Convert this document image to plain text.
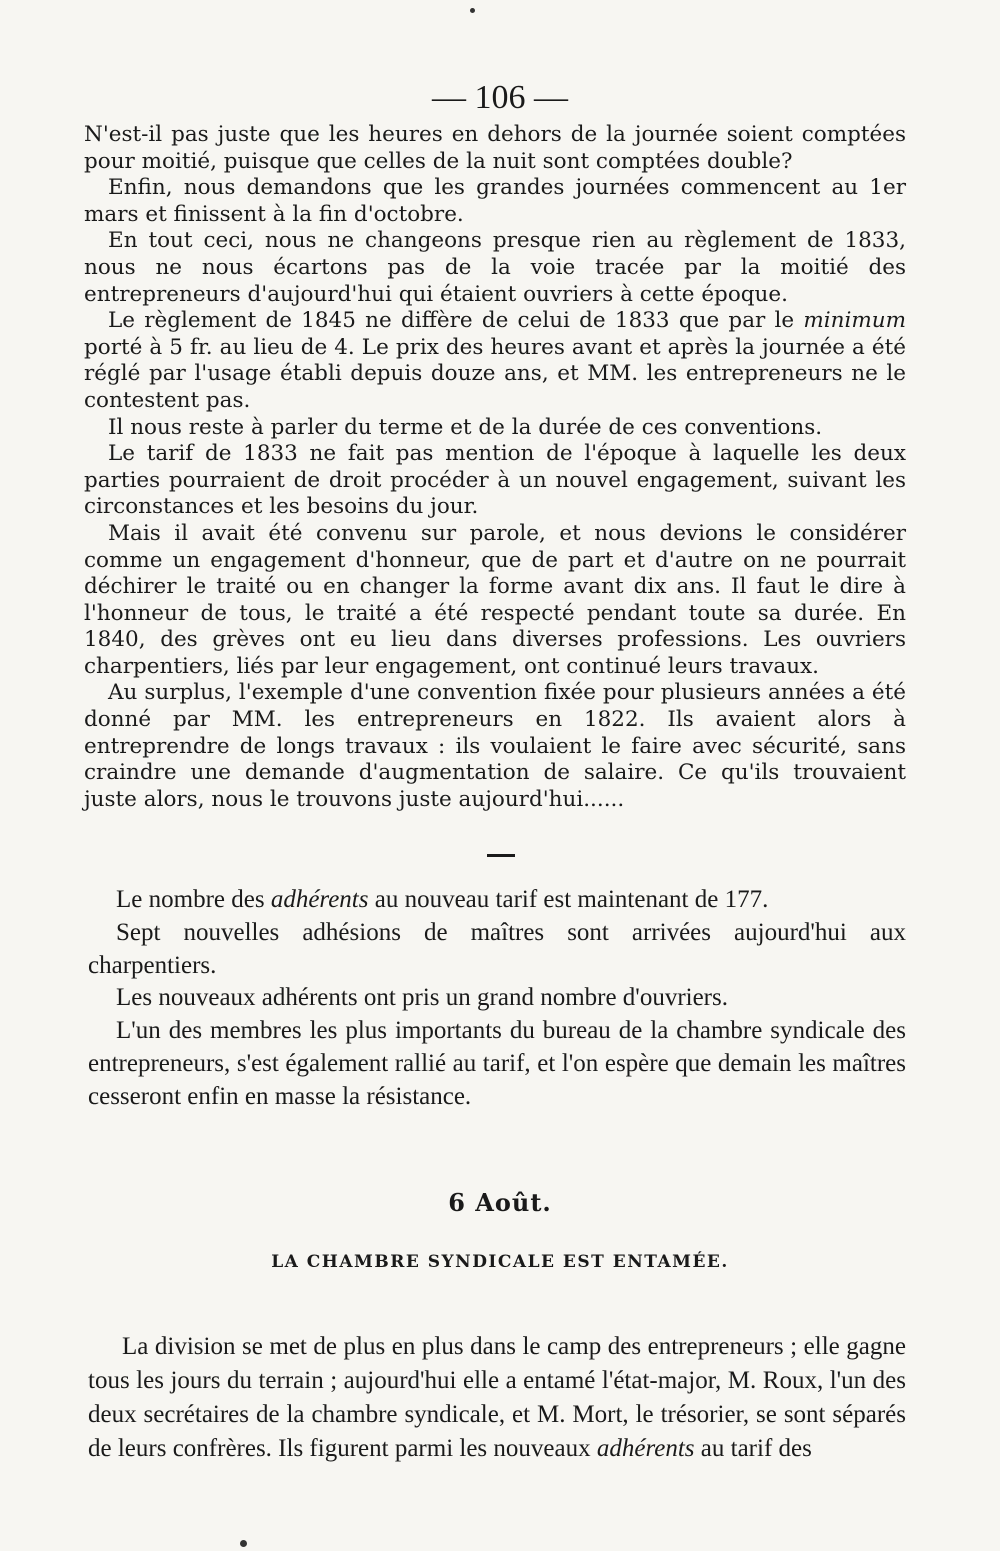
— 106 —

N'est-il pas juste que les heures en dehors de la journée soient comptées pour moitié, puisque que celles de la nuit sont comptées double?

Enfin, nous demandons que les grandes journées commencent au 1er mars et finissent à la fin d'octobre.

En tout ceci, nous ne changeons presque rien au règlement de 1833, nous ne nous écartons pas de la voie tracée par la moitié des entrepreneurs d'aujourd'hui qui étaient ouvriers à cette époque.

Le règlement de 1845 ne diffère de celui de 1833 que par le minimum porté à 5 fr. au lieu de 4. Le prix des heures avant et après la journée a été réglé par l'usage établi depuis douze ans, et MM. les entrepreneurs ne le contestent pas.

Il nous reste à parler du terme et de la durée de ces conventions.

Le tarif de 1833 ne fait pas mention de l'époque à laquelle les deux parties pourraient de droit procéder à un nouvel engagement, suivant les circonstances et les besoins du jour.

Mais il avait été convenu sur parole, et nous devions le considérer comme un engagement d'honneur, que de part et d'autre on ne pourrait déchirer le traité ou en changer la forme avant dix ans. Il faut le dire à l'honneur de tous, le traité a été respecté pendant toute sa durée. En 1840, des grèves ont eu lieu dans diverses professions. Les ouvriers charpentiers, liés par leur engagement, ont continué leurs travaux.

Au surplus, l'exemple d'une convention fixée pour plusieurs années a été donné par MM. les entrepreneurs en 1822. Ils avaient alors à entreprendre de longs travaux : ils voulaient le faire avec sécurité, sans craindre une demande d'augmentation de salaire. Ce qu'ils trouvaient juste alors, nous le trouvons juste aujourd'hui......

Le nombre des adhérents au nouveau tarif est maintenant de 177.

Sept nouvelles adhésions de maîtres sont arrivées aujourd'hui aux charpentiers.

Les nouveaux adhérents ont pris un grand nombre d'ouvriers.

L'un des membres les plus importants du bureau de la chambre syndicale des entrepreneurs, s'est également rallié au tarif, et l'on espère que demain les maîtres cesseront enfin en masse la résistance.

6 Août.
LA CHAMBRE SYNDICALE EST ENTAMÉE.

La division se met de plus en plus dans le camp des entrepreneurs ; elle gagne tous les jours du terrain ; aujourd'hui elle a entamé l'état-major, M. Roux, l'un des deux secrétaires de la chambre syndicale, et M. Mort, le trésorier, se sont séparés de leurs confrères. Ils figurent parmi les nouveaux adhérents au tarif des
